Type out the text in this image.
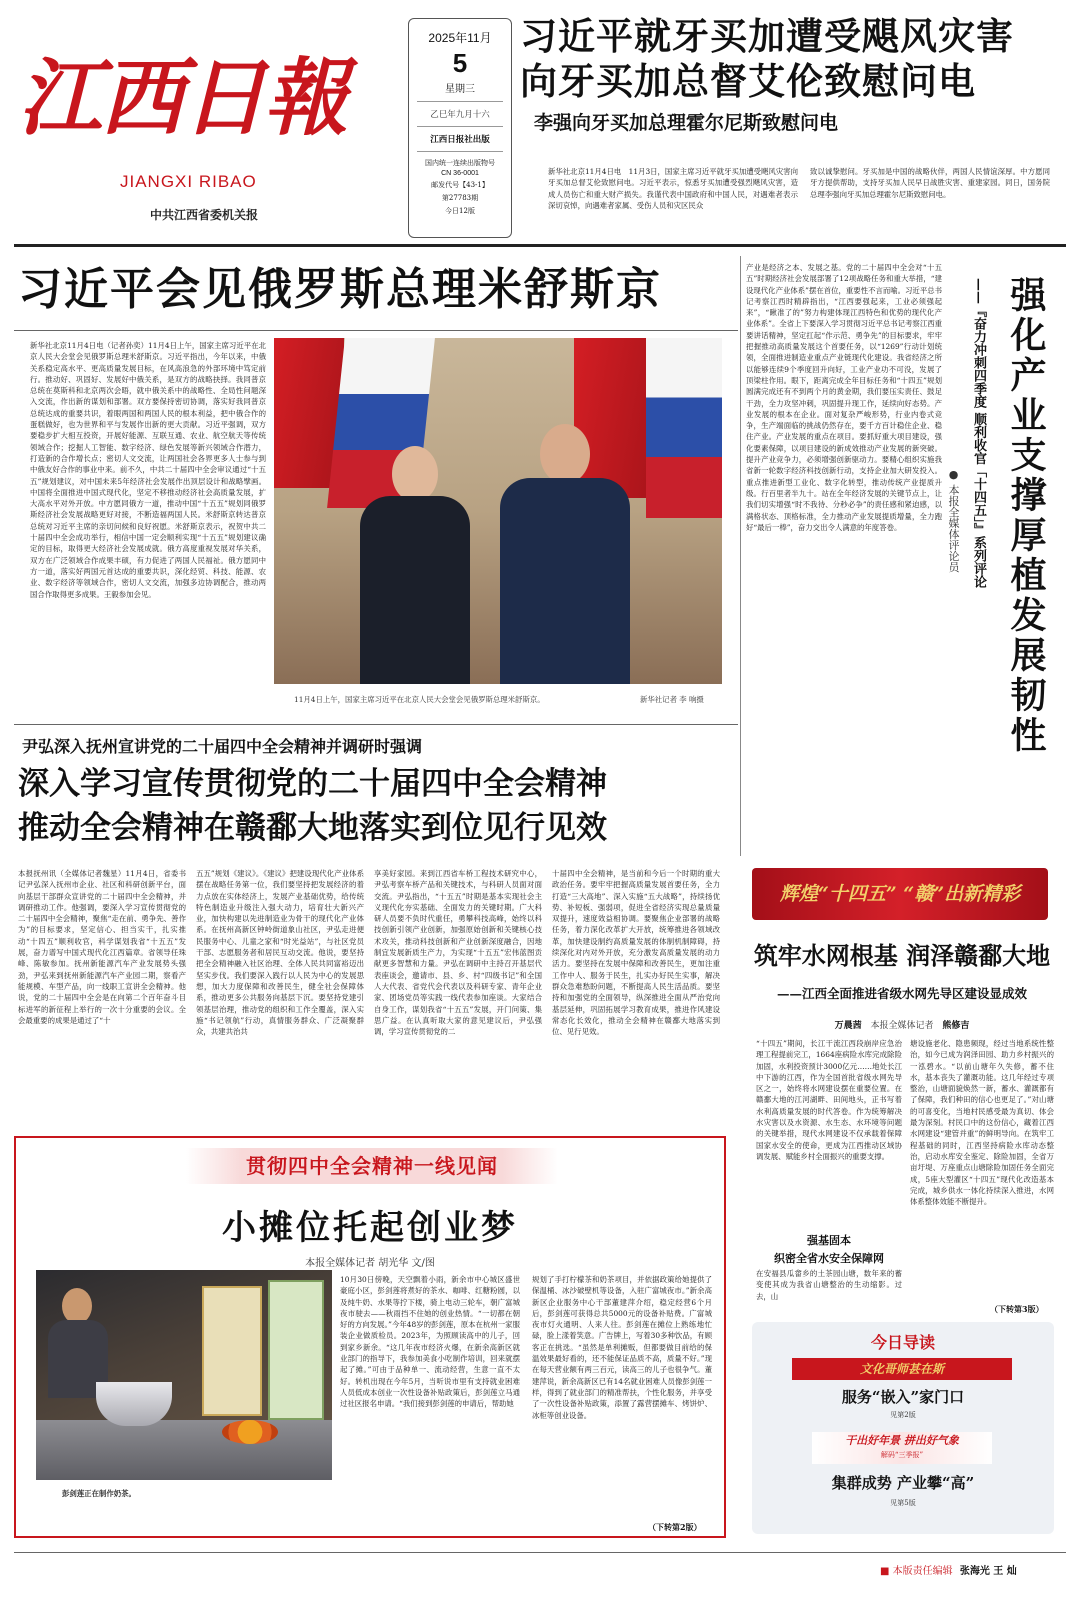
江西日報
JIANGXI RIBAO
中共江西省委机关报
2025年11月
5
星期三
乙巳年九月十六
江西日报社出版
国内统一连续出版物号
CN 36-0001
邮发代号【43-1】
第27783期
今日12版
习近平就牙买加遭受飓风灾害
向牙买加总督艾伦致慰问电
李强向牙买加总理霍尔尼斯致慰问电
新华社北京11月4日电　11月3日，国家主席习近平就牙买加遭受飓风灾害向牙买加总督艾伦致慰问电。习近平表示，惊悉牙买加遭受强烈飓风灾害，造成人员伤亡和重大财产损失。我谨代表中国政府和中国人民，对遇难者表示深切哀悼，向遇难者家属、受伤人员和灾区民众
致以诚挚慰问。牙买加是中国的战略伙伴，两国人民情谊深厚。中方愿同牙方提供帮助，支持牙买加人民早日战胜灾害、重建家园。同日，国务院总理李强向牙买加总理霍尔尼斯致慰问电。
习近平会见俄罗斯总理米舒斯京
新华社北京11月4日电（记者孙奕）11月4日上午，国家主席习近平在北京人民大会堂会见俄罗斯总理米舒斯京。习近平指出，今年以来，中俄关系稳定高水平、更高质量发展目标，在风高浪急的外部环境中笃定前行。推动好、巩固好、发展好中俄关系，是双方的战略抉择。我同普京总统在莫斯科和北京两次会晤，就中俄关系中的战略性、全局性问题深入交流，作出新的谋划和部署。双方要保持密切协调，落实好我同普京总统达成的重要共识，着眼两国和两国人民的根本利益，把中俄合作的蛋糕做好，也为世界和平与发展作出新的更大贡献。习近平强调，双方要稳步扩大相互投资，开展好能源、互联互通、农业、航空航天等传统领域合作；挖掘人工智能、数字经济、绿色发展等新兴领域合作潜力，打造新的合作增长点；密切人文交流，让两国社会各界更多人士参与到中俄友好合作的事业中来。前不久，中共二十届四中全会审议通过“十五五”规划建议，对中国未来5年经济社会发展作出顶层设计和战略擘画。中国将全面推进中国式现代化，坚定不移推动经济社会高质量发展，扩大高水平对外开放。中方愿同俄方一道，推动中国“十五五”规划同俄罗斯经济社会发展战略更好对接，不断造福两国人民。米舒斯京转达普京总统对习近平主席的亲切问候和良好祝愿。米舒斯京表示，祝贺中共二十届四中全会成功举行，相信中国一定会顺利实现“十五五”规划建议确定的目标，取得更大经济社会发展成就。俄方高度重视发展对华关系，双方在广泛领域合作成果丰硕，有力促进了两国人民福祉。俄方愿同中方一道，落实好两国元首达成的重要共识，深化经贸、科技、能源、农业、数字经济等领域合作，密切人文交流，加强多边协调配合，推动两国合作取得更多成果。王毅参加会见。
11月4日上午，国家主席习近平在北京人民大会堂会见俄罗斯总理米舒斯京。	新华社记者 李 响摄
产业是经济之本、发展之基。党的二十届四中全会对“十五五”时期经济社会发展部署了12项战略任务和重大举措，“建设现代化产业体系”摆在首位，重要性不言而喻。习近平总书记考察江西时精辟指出，“江西要强起来，工业必须强起来”，“瞅准了的”努力构建体现江西特色和优势的现代化产业体系”。全省上下要深入学习贯彻习近平总书记考察江西重要讲话精神，坚定扛起“作示范、勇争先”的目标要求，牢牢把握推动高质量发展这个首要任务，以“1269”行动计划统领，全面推进制造业重点产业链现代化建设。我省经济之所以能够连续9个季度回升向好，工业产业功不可没，发展了顶梁柱作用。眼下，距离完成全年目标任务和“十四五”规划圆满完成还有不到两个月的黄金期，我们要压实责任、鼓足干劲，全力攻坚冲刺，巩固提升现工作，延续向好态势。产业发展的根本在企业。面对复杂严峻形势，行业内卷式竞争，生产端面临的挑战仍然存在，要千方百计稳住企业、稳住产业。产业发展的重点在项目。要抓好重大项目建设，强化要素保障，以项目建设的新成效推动产业发展的新突破。提升产业竞争力，必须增强创新驱动力。要精心组织实施我省新一轮数字经济科技创新行动，支持企业加大研发投入。重点推进新型工业化、数字化转型，推动传统产业提质升级。行百里者半九十。站在全年经济发展的关键节点上，让我们切实增强“时不我待、分秒必争”的责任感和紧迫感，以满格状态、顶格标准，全力推动产业发展提质增量，全力跑好“最后一棒”，奋力交出令人满意的年度答卷。	强化产业支撑厚植发展韧性
——『奋力冲刺四季度 顺利收官「十四五」』系列评论
● 本报全媒体评论员
尹弘深入抚州宣讲党的二十届四中全会精神并调研时强调
深入学习宣传贯彻党的二十届四中全会精神
推动全会精神在赣鄱大地落实到位见行见效
本报抚州讯（全媒体记者魏星）11月4日，省委书记尹弘深入抚州市企业、社区和科研创新平台，面向基层干部群众宣讲党的二十届四中全会精神，并调研推动工作。他强调，要深入学习宣传贯彻党的二十届四中全会精神，聚焦“走在前、勇争先、善作为”的目标要求，坚定信心、担当实干，扎实推动“十四五”顺利收官，科学谋划我省“十五五”发展，奋力谱写中国式现代化江西篇章。省领导任珠峰、陈敏参加。抚州新能源汽车产业发展势头强劲，尹弘来到抚州新能源汽车产业园二期，察看产能规模、车型产品，向一线职工宣讲全会精神。他说，党的二十届四中全会是在向第二个百年奋斗目标进军的新征程上举行的一次十分重要的会议。全会最重要的成果是通过了“十
五五”规划《建议》。《建议》把建设现代化产业体系摆在战略任务第一位，我们要坚持把发展经济的着力点放在实体经济上，发展产业基础优势，给传统特色制造业升级注入强大动力，培育壮大新兴产业，加快构建以先进制造业为骨干的现代化产业体系。在抚州高新区钟岭街道象山社区，尹弘走进便民服务中心、儿童之家和“时光益站”，与社区党员干部、志愿服务者和居民互动交流。他说，要坚持把全会精神融入社区治理、全体人民共同富裕迈出坚实步伐。我们要深入践行以人民为中心的发展思想，加大力度保障和改善民生，健全社会保障体系，推动更多公共服务向基层下沉。要坚持党建引领基层治理，推动党的组织和工作全覆盖，深入实施“书记领航”行动，真情服务群众、广泛凝聚群众，共建共治共
享美好家园。来到江西省车桥工程技术研究中心，尹弘考察车桥产品和关键技术，与科研人员面对面交流。尹弘指出，“十五五”时期是基本实现社会主义现代化夯实基础、全面发力的关键时期。广大科研人员要不负时代重任，勇攀科技高峰，始终以科技创新引领产业创新，加强原始创新和关键核心技术攻关，推动科技创新和产业创新深度融合，因地制宜发展新质生产力，为实现“十五五”宏伟蓝图贡献更多智慧和力量。尹弘在调研中主持召开基层代表座谈会，邀请市、县、乡、村“四级书记”和全国人大代表、省党代会代表以及科研专家、青年企业家、团场党员等实践一线代表参加座谈。大家结合自身工作，谋划我省“十五五”发展，开门问策、集思广益。在认真听取大家的意见建议后，尹弘强调，学习宣传贯彻党的二
十届四中全会精神，是当前和今后一个时期的重大政治任务。要牢牢把握高质量发展首要任务，全力打造“三大高地”、深入实施“五大战略”，持续扬优势、补短板、强弱项，促进全省经济实现总量质量双提升，速度效益相协调。要聚焦企业部署的战略任务，着力深化改革扩大开放，统筹推进各领域改革，加快建设制约高质量发展的体制机制障碍，持续深化对内对外开放，充分激发高质量发展的动力活力。要坚持在发展中保障和改善民生，更加注重工作中人、服务于民生，扎实办好民生实事，解决群众急难愁盼问题，不断提高人民生活品质。要坚持和加强党的全面领导，纵深推进全面从严治党向基层延伸，巩固拓展学习教育成果，推进作风建设常态化长效化，推动全会精神在赣鄱大地落实到位、见行见效。
贯彻四中全会精神一线见闻
小摊位托起创业梦
本报全媒体记者 胡光华 文/图
彭剑莲正在制作奶茶。
10月30日傍晚，天空飘着小雨，新余市中心城区盛世豪庭小区，彭剑莲将煮好的茶水、咖啡、红糖粉圆，以及纯牛奶、水果等拧下楼，骑上电动三轮车，朝广富城夜市驶去——秋雨挡不住她的创业热情。“一切都在朝好的方向发展。”今年48岁的彭剑莲，原本在杭州一家服装企业做质检员。2023年，为照顾读高中的儿子，回到家乡新余。“这几年夜市经济火爆，在新余高新区就业部门的指导下，我参加美食小吃制作培训，回来就摆起了摊。”可由于品种单一、流动经营，生意一直不太好。转机出现在今年5月，当听说市里有支持就业困难人员低成本创业一次性设备补贴政策后，彭剑莲立马通过社区报名申请。“我们接到彭剑莲的申请后，帮助她
规划了手打柠檬茶和奶茶项目，并依据政策给她提供了保温桶、冰沙破壁机等设备，入驻广富城夜市。”新余高新区企业服务中心干部董建萍介绍，稳定经营6个月后，彭剑莲可获得总共5000元的设备补贴费。广富城夜市灯火通明、人来人往。彭剑莲在摊位上熟练地忙碌，脸上漾着笑意。广告牌上，写着30多种饮品，有顾客正在挑选。“虽然是单利摊贩，但都要做目前给的保温效果最好看的，还不能保证品质不高，质量不好。”现在每天营业额有两三百元，读高三的儿子也很争气。董建萍说，新余高新区已有14名就业困难人员像彭剑莲一样，得到了就业部门的精准帮扶，个性化服务，并享受了一次性设备补贴政策，添置了露营摆摊车、烤饼炉、冰柜等创业设备。
（下转第2版）
辉煌“十四五” “赣”出新精彩
筑牢水网根基 润泽赣鄱大地
——江西全面推进省级水网先导区建设显成效
万晨茜 本报全媒体记者 熊修吉
“十四五”期间，长江干流江西段崩岸应急治理工程提前完工，1664座病险水库完成除险加固，水利投资预计3000亿元……地处长江中下游的江西，作为全国首批省级水网先导区之一，始终将水网建设摆在重要位置。在赣鄱大地的江河湖畔、田间地头，正书写着水利高质量发展的时代答卷。作为统筹解决水灾害以及水资源、水生态、水环境等问题的关键举措，现代水网建设不仅承载着保障国家水安全的使命，更成为江西推动区域协调发展、赋能乡村全面振兴的重要支撑。
强基固本
织密全省水安全保障网
在安福县瓜畲乡的土茶园山塘，数年来的蓄变使其成为我省山塘整治的生动缩影。过去，山
塘设施老化、隐患频现，经过当地系统性整治，如今已成为润泽田园、助力乡村振兴的一泓碧水。“以前山塘年久失修，蓄不住水，基本丧失了灌溉功能。这几年经过专项整治，山塘面貌焕然一新，蓄水、灌溉都有了保障，我们种田的信心也更足了。”对山塘的可喜变化，当地村民感受最为真切、体会最为深刻。村民口中的这份信心，藏着江西水网建设“建管并重”的鲜明导向。在筑牢工程基础的同时，江西坚持病险水库动态整治，启动水库安全鉴定、除险加固，全省万亩圩堤、万座重点山塘除险加固任务全面完成，5座大型灌区“十四五”现代化改造基本完成，城乡供水一体化持续深入推进，水网体系整体效能不断提升。
（下转第3版）
今日导读
文化哥师甚在斯
服务“嵌入”家门口
见第2版
干出好年景 拼出好气象
解码“三季报”
集群成势 产业攀“高”
见第5版
■ 本版责任编辑 张海光 王 灿
